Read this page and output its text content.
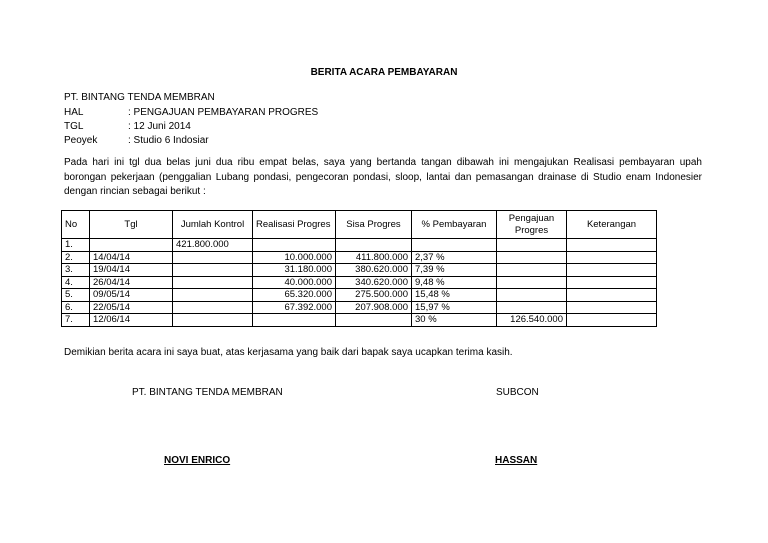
BERITA ACARA PEMBAYARAN
PT. BINTANG TENDA MEMBRAN
HAL	: PENGAJUAN PEMBAYARAN PROGRES
TGL	: 12 Juni 2014
Peoyek	: Studio 6 Indosiar
Pada hari ini tgl dua belas juni dua ribu empat belas, saya yang bertanda tangan dibawah ini mengajukan Realisasi pembayaran upah borongan pekerjaan (penggalian Lubang pondasi, pengecoran pondasi, sloop, lantai dan pemasangan drainase di Studio enam Indonesier dengan rincian sebagai berikut :
No	Tgl	Jumlah Kontrol	Realisasi Progres	Sisa Progres	% Pembayaran	Pengajuan Progres	Keterangan
1.		421.800.000					
2.	14/04/14		10.000.000	411.800.000	2,37 %		
3.	19/04/14		31.180.000	380.620.000	7,39 %		
4.	26/04/14		40.000.000	340.620.000	9,48 %		
5.	09/05/14		65.320.000	275.500.000	15,48 %		
6.	22/05/14		67.392.000	207.908.000	15,97 %		
7.	12/06/14				30 %	126.540.000	
Demikian berita acara ini saya buat, atas kerjasama yang baik dari bapak saya ucapkan terima kasih.
PT. BINTANG TENDA MEMBRAN	SUBCON
NOVI ENRICO	HASSAN
